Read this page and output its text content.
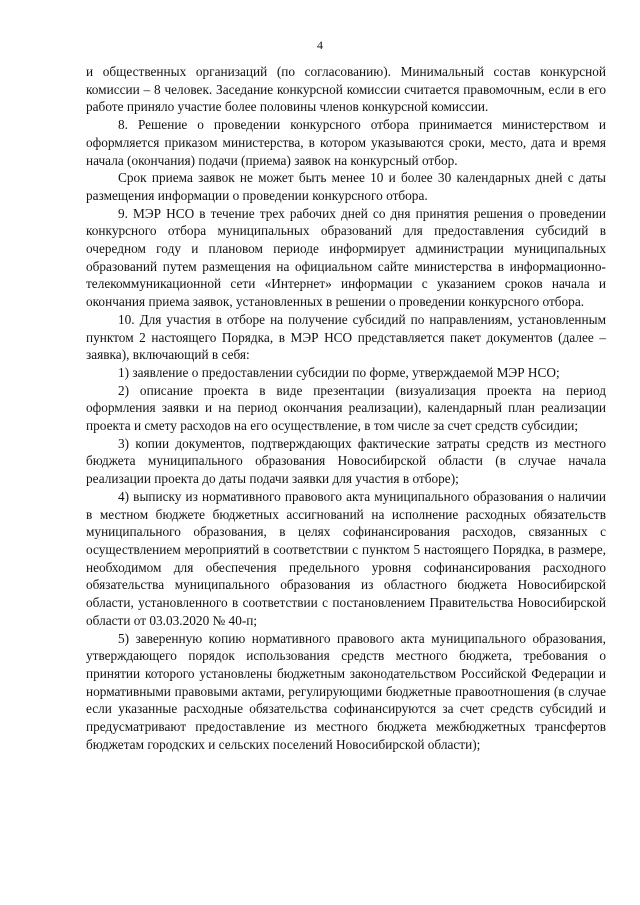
4

и общественных организаций (по согласованию). Минимальный состав конкурсной комиссии – 8 человек. Заседание конкурсной комиссии считается правомочным, если в его работе приняло участие более половины членов конкурсной комиссии.

8. Решение о проведении конкурсного отбора принимается министерством и оформляется приказом министерства, в котором указываются сроки, место, дата и время начала (окончания) подачи (приема) заявок на конкурсный отбор.

Срок приема заявок не может быть менее 10 и более 30 календарных дней с даты размещения информации о проведении конкурсного отбора.

9. МЭР НСО в течение трех рабочих дней со дня принятия решения о проведении конкурсного отбора муниципальных образований для предоставления субсидий в очередном году и плановом периоде информирует администрации муниципальных образований путем размещения на официальном сайте министерства в информационно-телекоммуникационной сети «Интернет» информации с указанием сроков начала и окончания приема заявок, установленных в решении о проведении конкурсного отбора.

10. Для участия в отборе на получение субсидий по направлениям, установленным пунктом 2 настоящего Порядка, в МЭР НСО представляется пакет документов (далее – заявка), включающий в себя:

1) заявление о предоставлении субсидии по форме, утверждаемой МЭР НСО;

2) описание проекта в виде презентации (визуализация проекта на период оформления заявки и на период окончания реализации), календарный план реализации проекта и смету расходов на его осуществление, в том числе за счет средств субсидии;

3) копии документов, подтверждающих фактические затраты средств из местного бюджета муниципального образования Новосибирской области (в случае начала реализации проекта до даты подачи заявки для участия в отборе);

4) выписку из нормативного правового акта муниципального образования о наличии в местном бюджете бюджетных ассигнований на исполнение расходных обязательств муниципального образования, в целях софинансирования расходов, связанных с осуществлением мероприятий в соответствии с пунктом 5 настоящего Порядка, в размере, необходимом для обеспечения предельного уровня софинансирования расходного обязательства муниципального образования из областного бюджета Новосибирской области, установленного в соответствии с постановлением Правительства Новосибирской области от 03.03.2020 № 40-п;

5) заверенную копию нормативного правового акта муниципального образования, утверждающего порядок использования средств местного бюджета, требования о принятии которого установлены бюджетным законодательством Российской Федерации и нормативными правовыми актами, регулирующими бюджетные правоотношения (в случае если указанные расходные обязательства софинансируются за счет средств субсидий и предусматривают предоставление из местного бюджета межбюджетных трансфертов бюджетам городских и сельских поселений Новосибирской области);
